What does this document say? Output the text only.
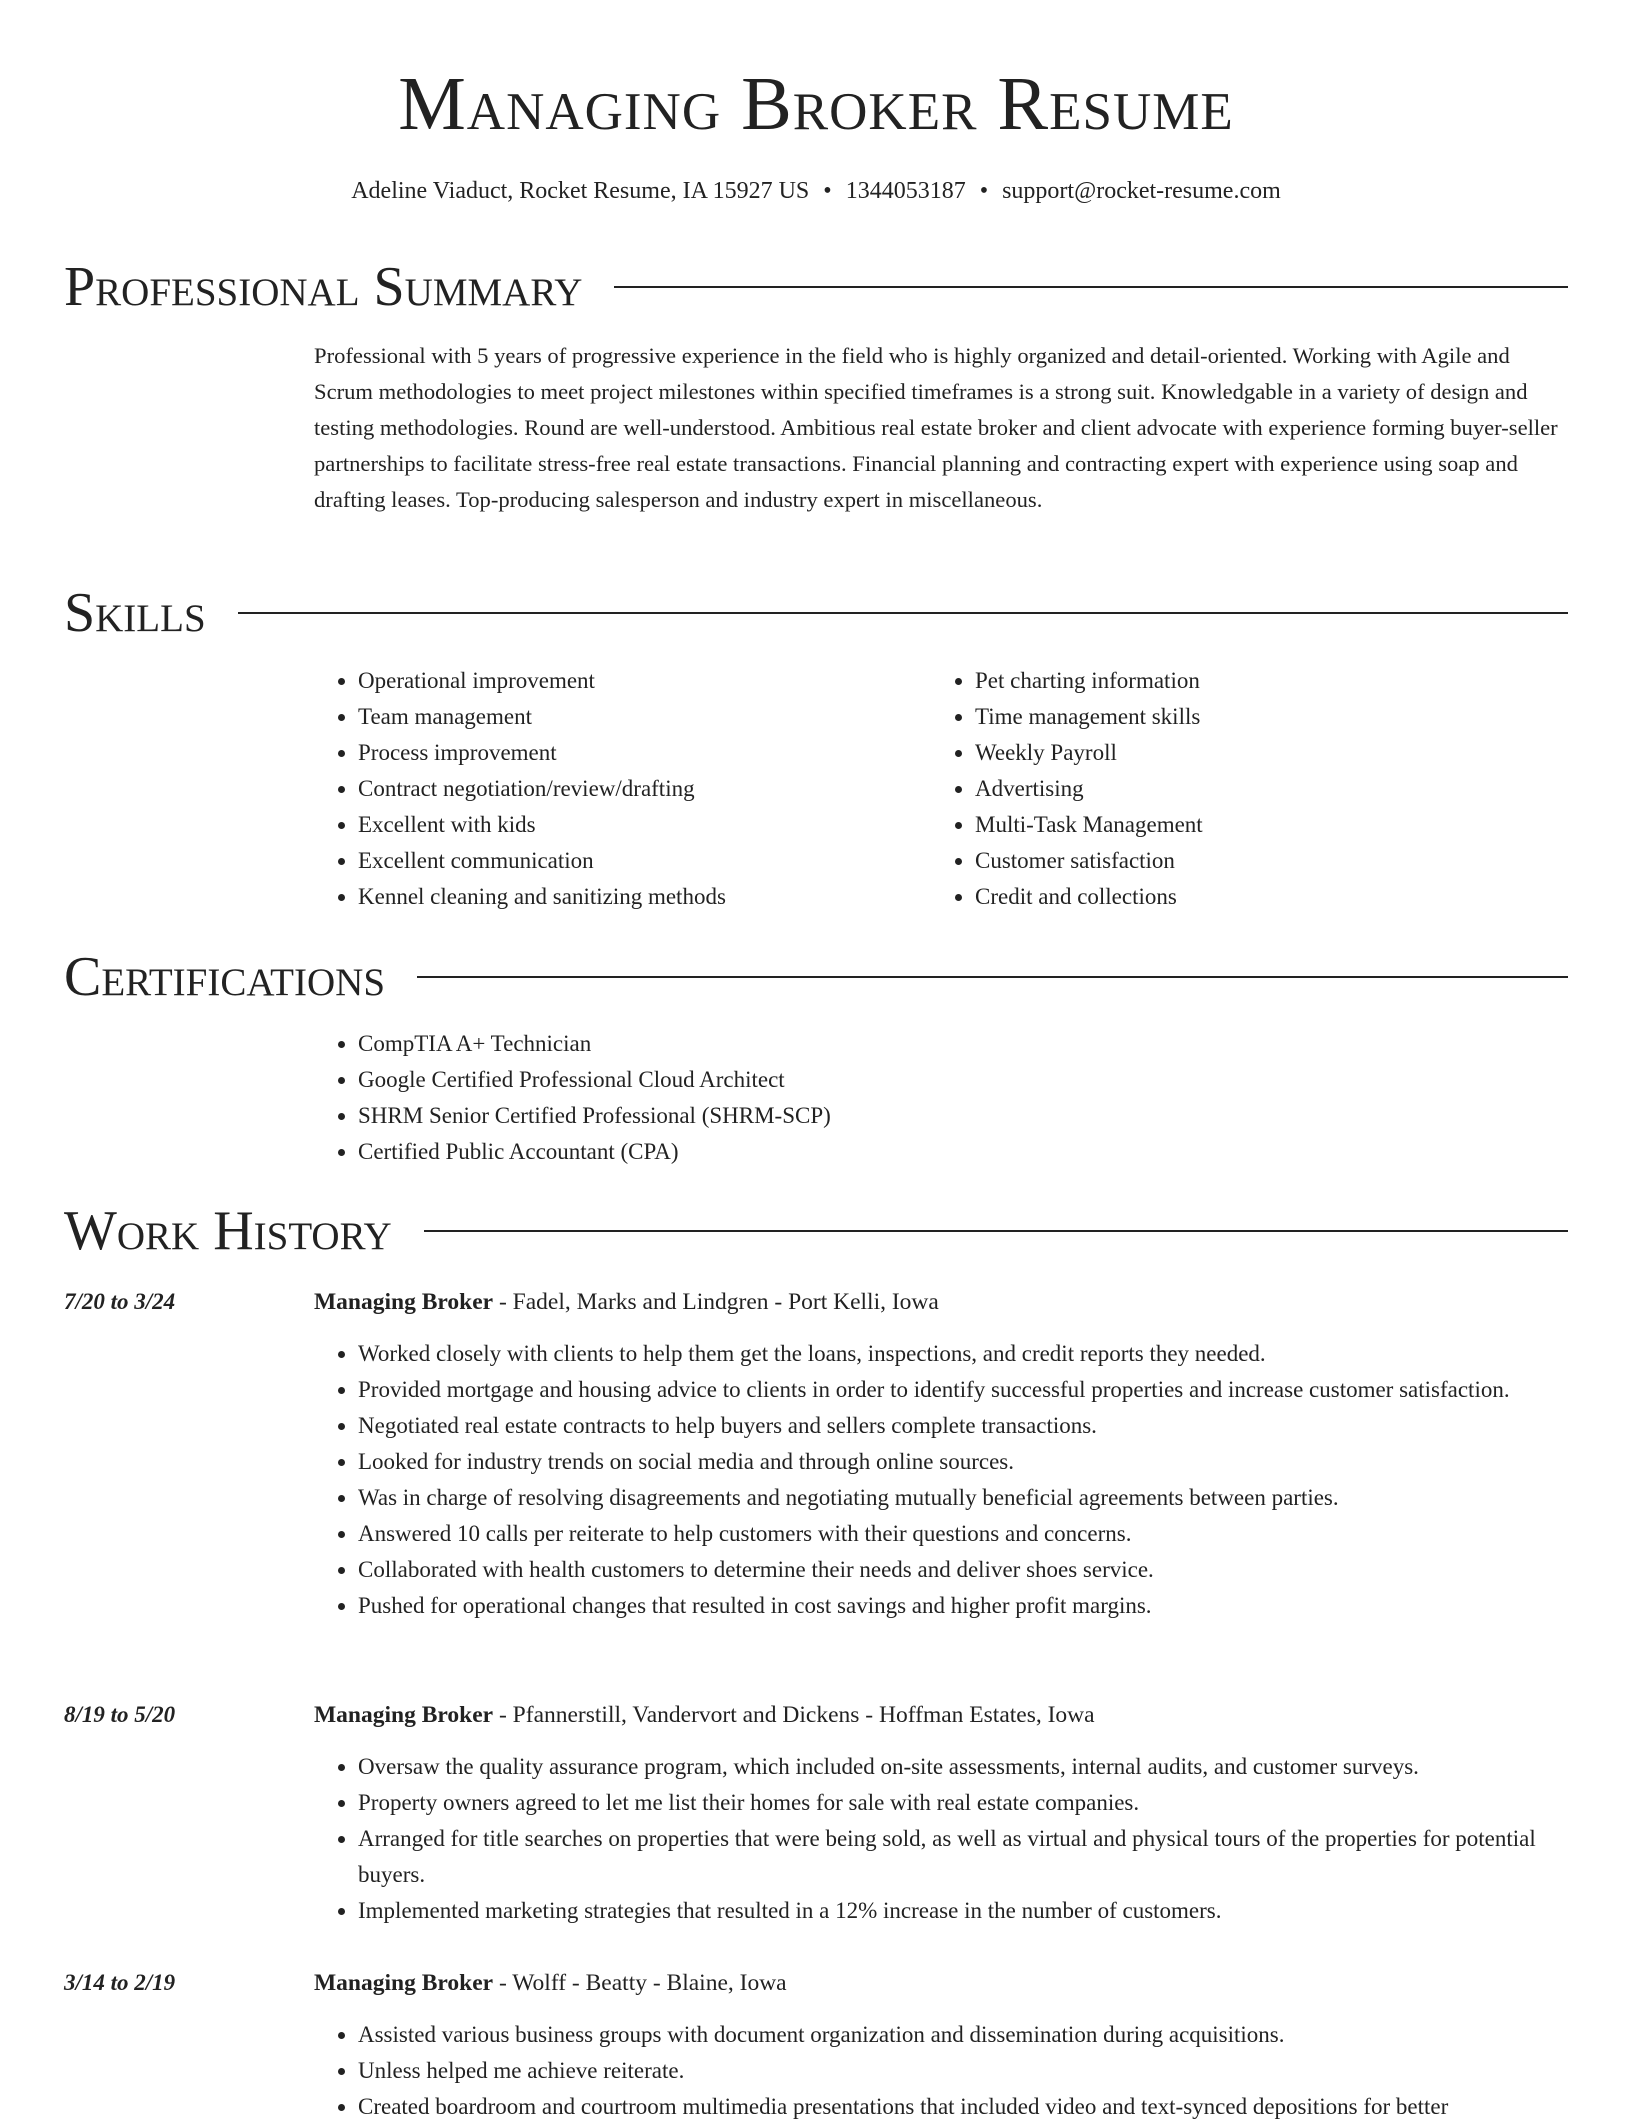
Managing Broker Resume
Adeline Viaduct, Rocket Resume, IA 15927 US • 1344053187 • support@rocket-resume.com
Professional Summary

Professional with 5 years of progressive experience in the field who is highly organized and detail-oriented. Working with Agile and Scrum methodologies to meet project milestones within specified timeframes is a strong suit. Knowledgable in a variety of design and testing methodologies. Round are well-understood. Ambitious real estate broker and client advocate with experience forming buyer-seller partnerships to facilitate stress-free real estate transactions. Financial planning and contracting expert with experience using soap and drafting leases. Top-producing salesperson and industry expert in miscellaneous.

Skills
• Operational improvement
• Team management
• Process improvement
• Contract negotiation/review/drafting
• Excellent with kids
• Excellent communication
• Kennel cleaning and sanitizing methods
• Pet charting information
• Time management skills
• Weekly Payroll
• Advertising
• Multi-Task Management
• Customer satisfaction
• Credit and collections
Certifications
• CompTIA A+ Technician
• Google Certified Professional Cloud Architect
• SHRM Senior Certified Professional (SHRM-SCP)
• Certified Public Accountant (CPA)
Work History
7/20 to 3/24	Managing Broker - Fadel, Marks and Lindgren - Port Kelli, Iowa
• Worked closely with clients to help them get the loans, inspections, and credit reports they needed.
• Provided mortgage and housing advice to clients in order to identify successful properties and increase customer satisfaction.
• Negotiated real estate contracts to help buyers and sellers complete transactions.
• Looked for industry trends on social media and through online sources.
• Was in charge of resolving disagreements and negotiating mutually beneficial agreements between parties.
• Answered 10 calls per reiterate to help customers with their questions and concerns.
• Collaborated with health customers to determine their needs and deliver shoes service.
• Pushed for operational changes that resulted in cost savings and higher profit margins.
8/19 to 5/20	Managing Broker - Pfannerstill, Vandervort and Dickens - Hoffman Estates, Iowa
• Oversaw the quality assurance program, which included on-site assessments, internal audits, and customer surveys.
• Property owners agreed to let me list their homes for sale with real estate companies.
• Arranged for title searches on properties that were being sold, as well as virtual and physical tours of the properties for potential buyers.
• Implemented marketing strategies that resulted in a 12% increase in the number of customers.
3/14 to 2/19	Managing Broker - Wolff - Beatty - Blaine, Iowa
• Assisted various business groups with document organization and dissemination during acquisitions.
• Unless helped me achieve reiterate.
• Created boardroom and courtroom multimedia presentations that included video and text-synced depositions for better
